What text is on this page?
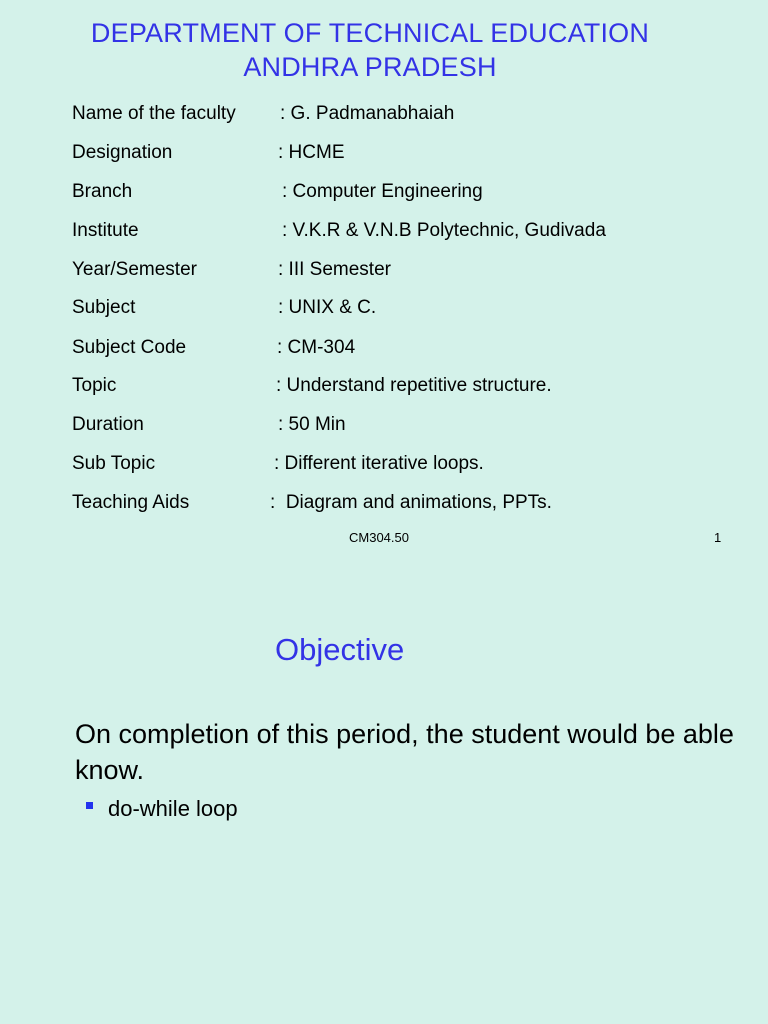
DEPARTMENT OF TECHNICAL EDUCATION
ANDHRA PRADESH
Name of the faculty : G. Padmanabhaiah
Designation	: HCME
Branch	: Computer Engineering
Institute	: V.K.R & V.N.B Polytechnic, Gudivada
Year/Semester	: III Semester
Subject	: UNIX & C.
Subject Code	: CM-304
Topic	: Understand repetitive structure.
Duration	: 50 Min
Sub Topic	: Different iterative loops.
Teaching Aids	:  Diagram and animations, PPTs.
CM304.50	1
Objective
On completion of this period, the student would be able know.
do-while loop
